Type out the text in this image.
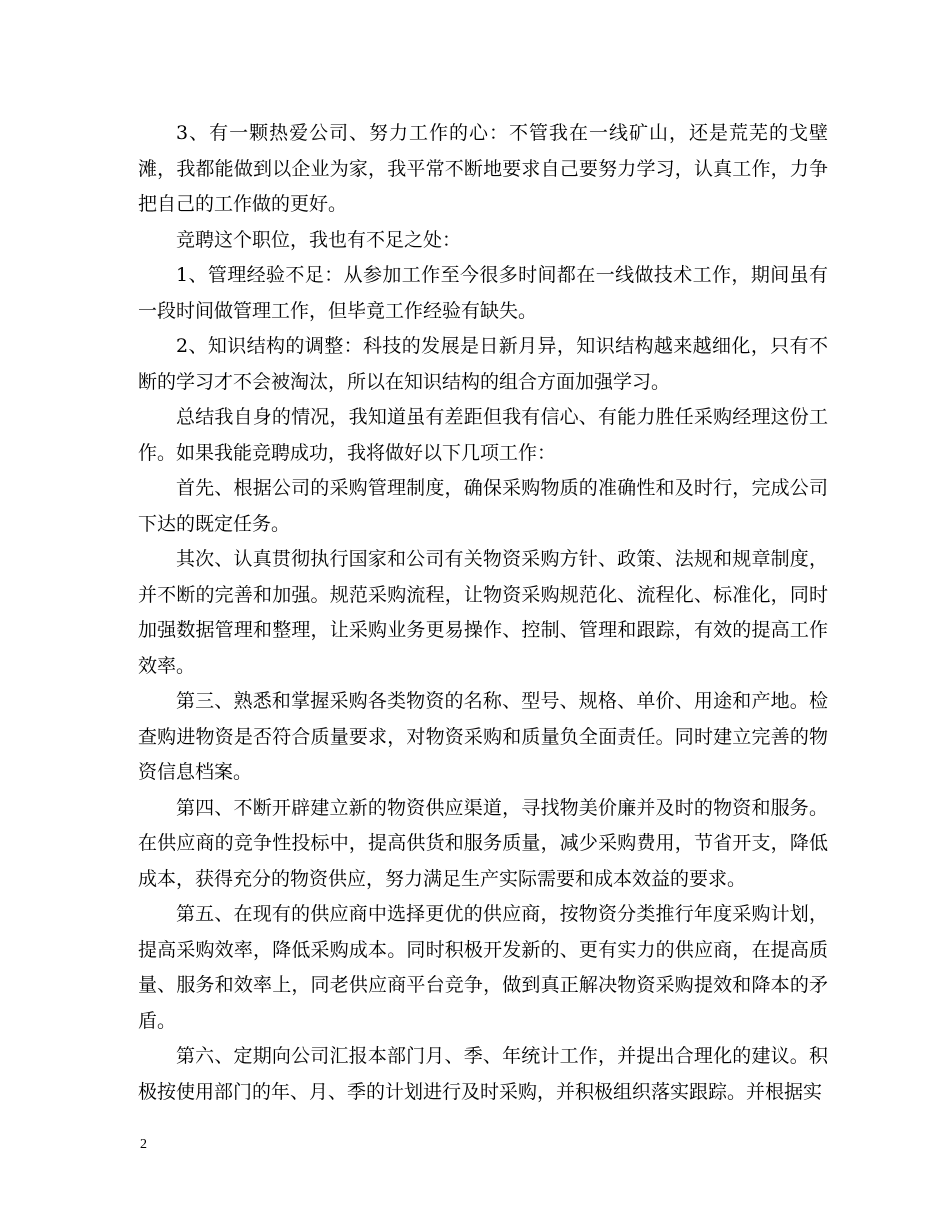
3、有一颗热爱公司、努力工作的心：不管我在一线矿山，还是荒芜的戈壁滩，我都能做到以企业为家，我平常不断地要求自己要努力学习，认真工作，力争把自己的工作做的更好。

竞聘这个职位，我也有不足之处：

1、管理经验不足：从参加工作至今很多时间都在一线做技术工作，期间虽有一段时间做管理工作，但毕竟工作经验有缺失。

2、知识结构的调整：科技的发展是日新月异，知识结构越来越细化，只有不断的学习才不会被淘汰，所以在知识结构的组合方面加强学习。

总结我自身的情况，我知道虽有差距但我有信心、有能力胜任采购经理这份工作。如果我能竞聘成功，我将做好以下几项工作：

首先、根据公司的采购管理制度，确保采购物质的准确性和及时行，完成公司下达的既定任务。

其次、认真贯彻执行国家和公司有关物资采购方针、政策、法规和规章制度，并不断的完善和加强。规范采购流程，让物资采购规范化、流程化、标准化，同时加强数据管理和整理，让采购业务更易操作、控制、管理和跟踪，有效的提高工作效率。

第三、熟悉和掌握采购各类物资的名称、型号、规格、单价、用途和产地。检查购进物资是否符合质量要求，对物资采购和质量负全面责任。同时建立完善的物资信息档案。

第四、不断开辟建立新的物资供应渠道，寻找物美价廉并及时的物资和服务。在供应商的竞争性投标中，提高供货和服务质量，减少采购费用，节省开支，降低成本，获得充分的物资供应，努力满足生产实际需要和成本效益的要求。

第五、在现有的供应商中选择更优的供应商，按物资分类推行年度采购计划，提高采购效率，降低采购成本。同时积极开发新的、更有实力的供应商，在提高质量、服务和效率上，同老供应商平台竞争，做到真正解决物资采购提效和降本的矛盾。

第六、定期向公司汇报本部门月、季、年统计工作，并提出合理化的建议。积极按使用部门的年、月、季的计划进行及时采购，并积极组织落实跟踪。并根据实

2
